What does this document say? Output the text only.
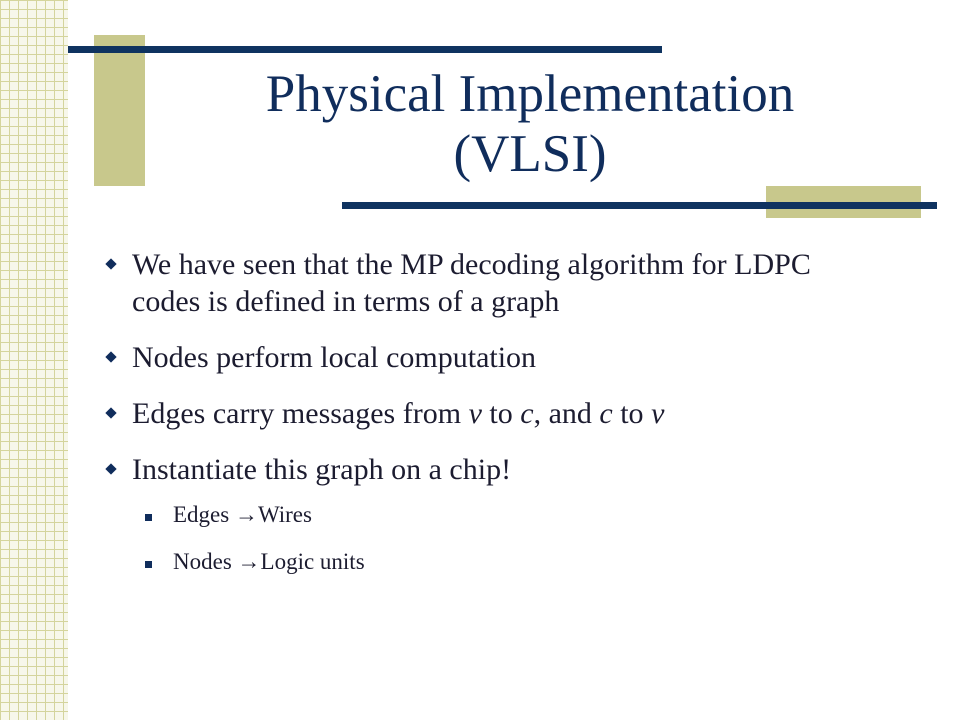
Physical Implementation
(VLSI)
We have seen that the MP decoding algorithm for LDPC codes is defined in terms of a graph
Nodes perform local computation
Edges carry messages from v to c, and c to v
Instantiate this graph on a chip!
Edges →Wires
Nodes →Logic units
